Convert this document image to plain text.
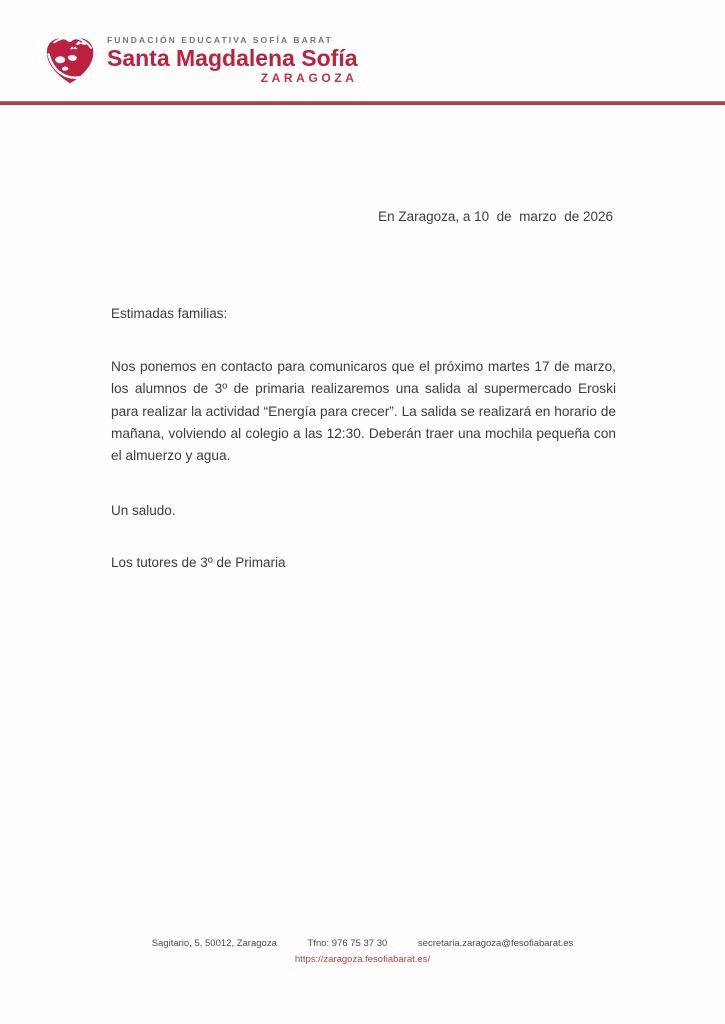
FUNDACIÓN EDUCATIVA SOFÍA BARAT
Santa Magdalena Sofía
ZARAGOZA
En Zaragoza, a 10  de  marzo  de 2026
Estimadas familias:
Nos ponemos en contacto para comunicaros que el próximo martes 17 de marzo, los alumnos de 3º de primaria realizaremos una salida al supermercado Eroski para realizar la actividad “Energía para crecer”. La salida se realizará en horario de mañana, volviendo al colegio a las 12:30. Deberán traer una mochila pequeña con el almuerzo y agua.
Un saludo.
Los tutores de 3º de Primaria
Sagitario, 5, 50012, Zaragoza	Tfno: 976 75 37 30	secretaria.zaragoza@fesofiabarat.es
https://zaragoza.fesofiabarat.es/
